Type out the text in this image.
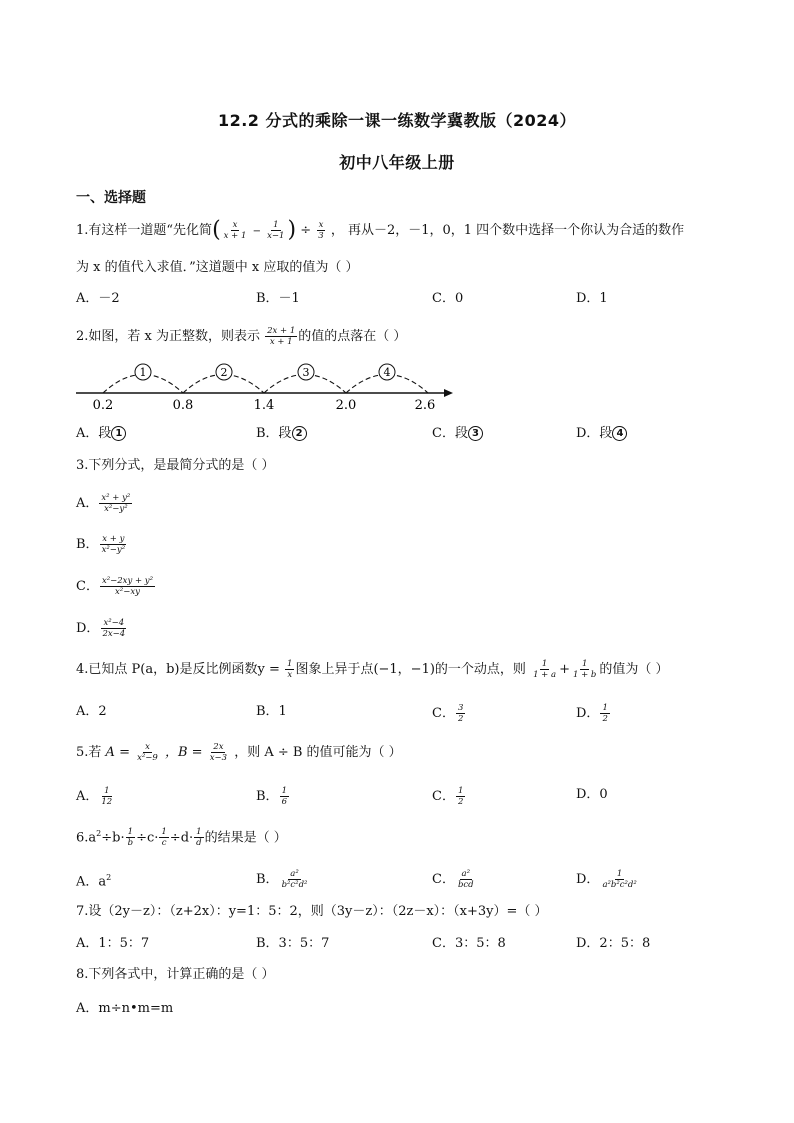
12.2 分式的乘除一课一练数学冀教版（2024）
初中八年级上册
一、选择题
1.有这样一道题“先化简( $\frac{x}{x + 1} - \frac{1}{x-1}$ ) ÷ $\frac{x}{3}$ ， 再从－2，－1，0，1 四个数中选择一个你认为合适的数作
为 x 的值代入求值．”这道题中 x 应取的值为（ ）
A．－2	B．－1	C．0	D．1
2.如图，若 x 为正整数，则表示 $\frac{2x + 1}{x + 1}$ 的值的点落在（ ）
1	2	3	4
0.2	0.8	1.4	2.0	2.6
A．段 1	B．段 2	C．段 3	D．段 4
3.下列分式，是最简分式的是（ ）
A． $\frac{\text{x² + y²}}{\text{x²−y²}}$
B． $\frac{x + y}{\text{x²−y²}}$
C． $\frac{\text{x²−2xy + y²}}{\text{x²−xy}}$
D． $\frac{\text{x²−4}}{2x-4}$
4.已知点 P(a，b)是反比例函数$y = \frac{1}{x}$ 图象上异于点(−1，−1)的一个动点，则 $\frac{1}{1 + a} + \frac{1}{1 + b}$ 的值为（ ）
A．2	B．1	C． $\frac{3}{2}$	D． $\frac{1}{2}$
5.若 $A = \frac{x}{\text{x²−9}}$ ，$B = \frac{2x}{x-3}$ ，则 A ÷ B 的值可能为（ ）
A． $\frac{1}{12}$	B． $\frac{1}{6}$	C． $\frac{1}{2}$	D．0
$6.a^2\div b\cdot \frac{1}{b} \div c\cdot \frac{1}{c} \div d\cdot \frac{1}{d}$ 的结果是（ ）
A．$a^2$	B． $\frac{\text{a²}}{\text{b²c²d²}}$	C． $\frac{\text{a²}}{\text{bcd}}$	D． $\frac{1}{\text{a²b²c²d²}}$
7.设（2y－z）：（z+2x）：y=1：5：2，则（3y－z）：（2z－x）：（x+3y）=（ ）
A．1：5：7	B．3：5：7	C．3：5：8	D．2：5：8
8.下列各式中，计算正确的是（ ）
A．m÷n•m=m
